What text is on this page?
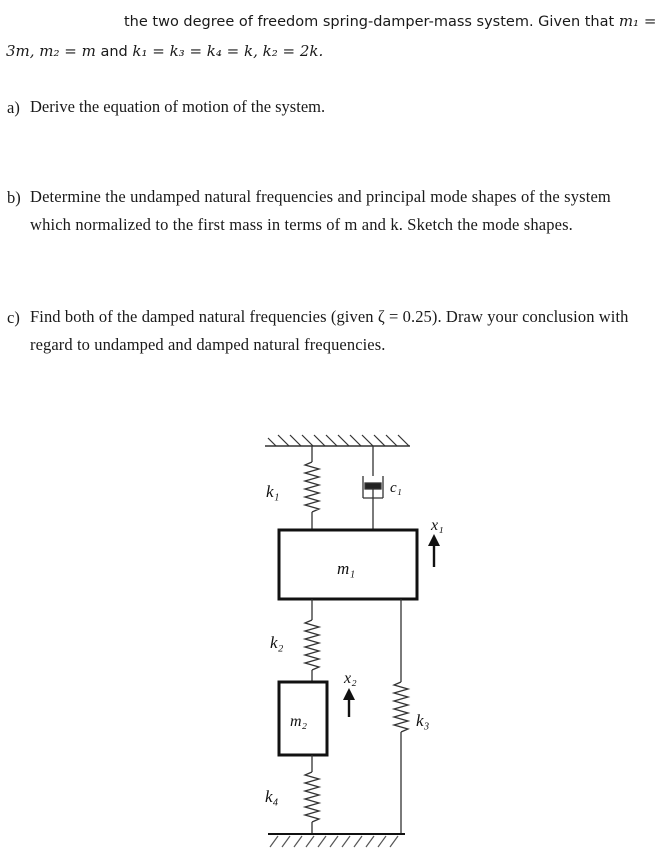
the two degree of freedom spring-damper-mass system. Given that m₁ =
3m, m₂ = m and k₁ = k₃ = k₄ = k, k₂ = 2k.
a) Derive the equation of motion of the system.
b) Determine the undamped natural frequencies and principal mode shapes of the system
which normalized to the first mass in terms of m and k. Sketch the mode shapes.
c) Find both of the damped natural frequencies (given ζ = 0.25). Draw your conclusion with
regard to undamped and damped natural frequencies.
k₁	c₁
m₁
x₁
k₂
m₂
x₂
k₄
k₃
